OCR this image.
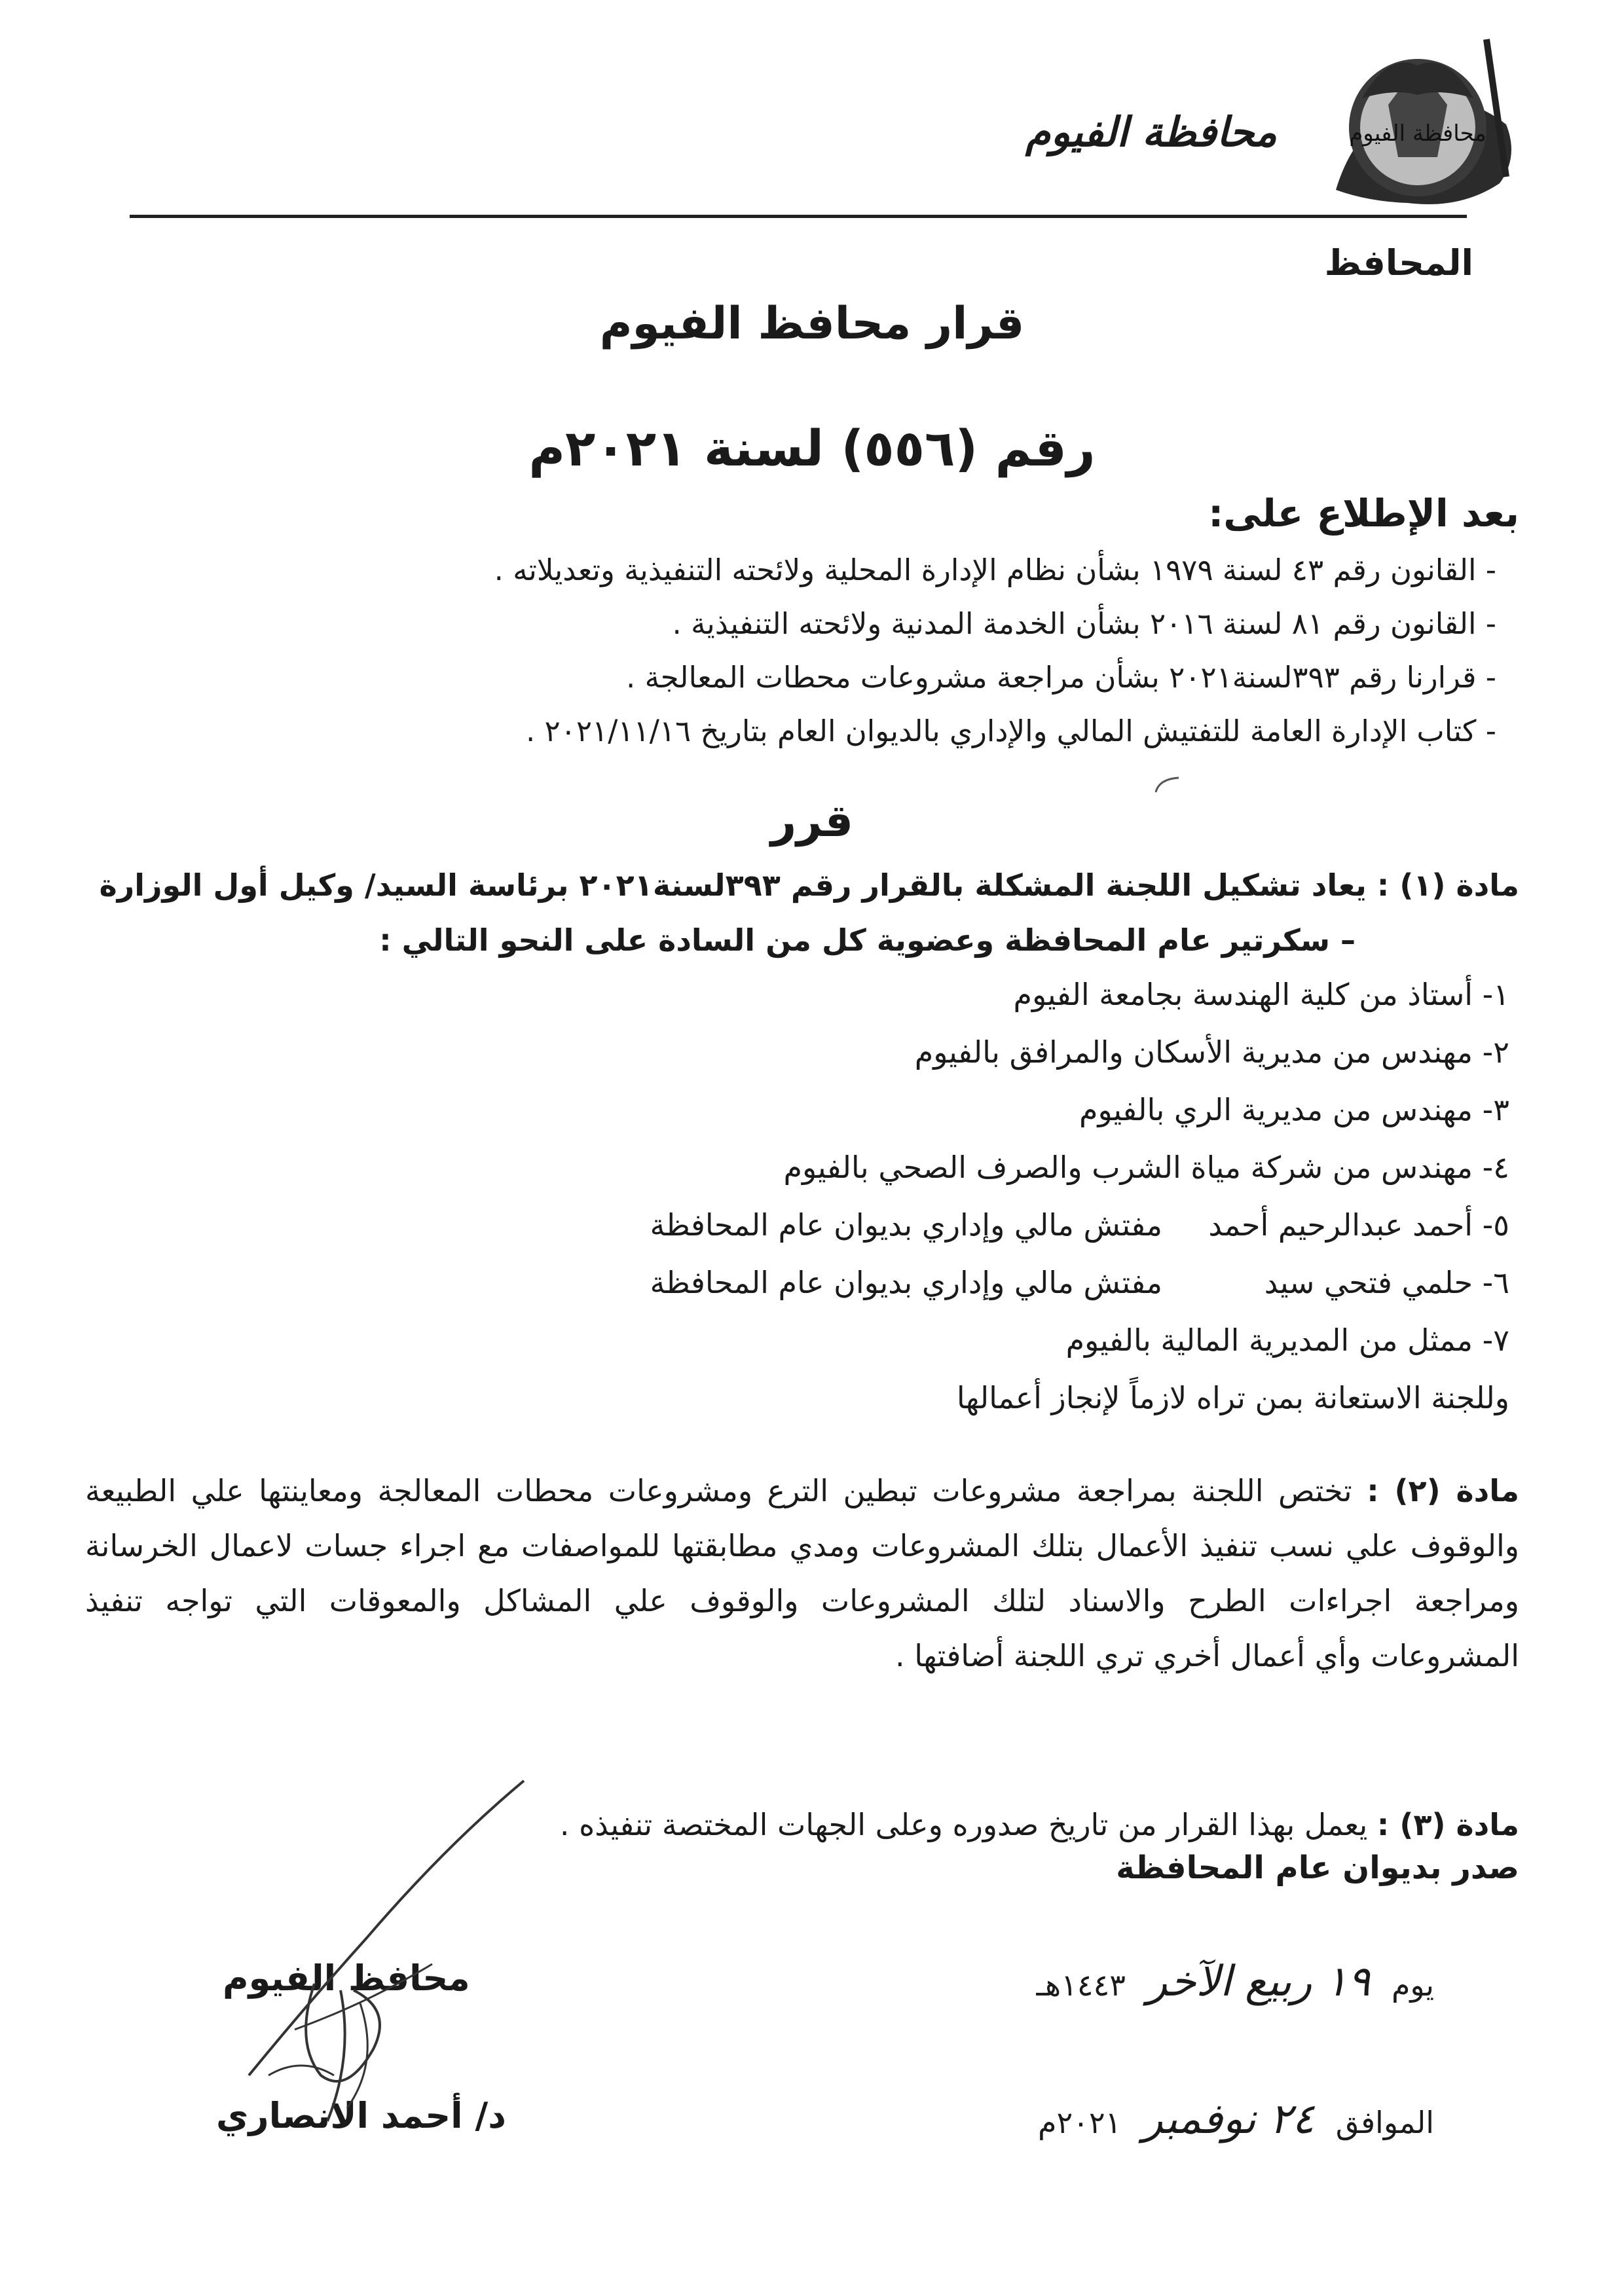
محافظة الفيوم
محافظة الفيوم
المحافظ
قرار محافظ الفيوم
رقم (٥٥٦) لسنة ٢٠٢١م
بعد الإطلاع على:
- القانون رقم ٤٣ لسنة ١٩٧٩ بشأن نظام الإدارة المحلية ولائحته التنفيذية وتعديلاته .
- القانون رقم ٨١ لسنة ٢٠١٦ بشأن الخدمة المدنية ولائحته التنفيذية .
- قرارنا رقم ٣٩٣لسنة٢٠٢١ بشأن مراجعة مشروعات محطات المعالجة .
- كتاب الإدارة العامة للتفتيش المالي والإداري بالديوان العام بتاريخ ٢٠٢١/١١/١٦ .
قرر
مادة (١) : يعاد تشكيل اللجنة المشكلة بالقرار رقم ٣٩٣لسنة٢٠٢١ برئاسة السيد/ وكيل أول الوزارة
– سكرتير عام المحافظة وعضوية كل من السادة على النحو التالي :
١- أستاذ من كلية الهندسة بجامعة الفيوم
٢- مهندس من مديرية الأسكان والمرافق بالفيوم
٣- مهندس من مديرية الري بالفيوم
٤- مهندس من شركة مياة الشرب والصرف الصحي بالفيوم
٥- أحمد عبدالرحيم أحمدمفتش مالي وإداري بديوان عام المحافظة
٦- حلمي فتحي سيدمفتش مالي وإداري بديوان عام المحافظة
٧- ممثل من المديرية المالية بالفيوم
وللجنة الاستعانة بمن تراه لازماً لإنجاز أعمالها
مادة (٢) : تختص اللجنة بمراجعة مشروعات تبطين الترع ومشروعات محطات المعالجة ومعاينتها علي الطبيعة والوقوف علي نسب تنفيذ الأعمال بتلك المشروعات ومدي مطابقتها للمواصفات مع اجراء جسات لاعمال الخرسانة ومراجعة اجراءات الطرح والاسناد لتلك المشروعات والوقوف علي المشاكل والمعوقات التي تواجه تنفيذ المشروعات وأي أعمال أخري تري اللجنة أضافتها .
مادة (٣) : يعمل بهذا القرار من تاريخ صدوره وعلى الجهات المختصة تنفيذه .
صدر بديوان عام المحافظة
يوم ١٩ ربيع الآخر ١٤٤٣هـ
الموافق ٢٤ نوفمبر ٢٠٢١م
محافظ الفيوم
د/ أحمد الانصاري
